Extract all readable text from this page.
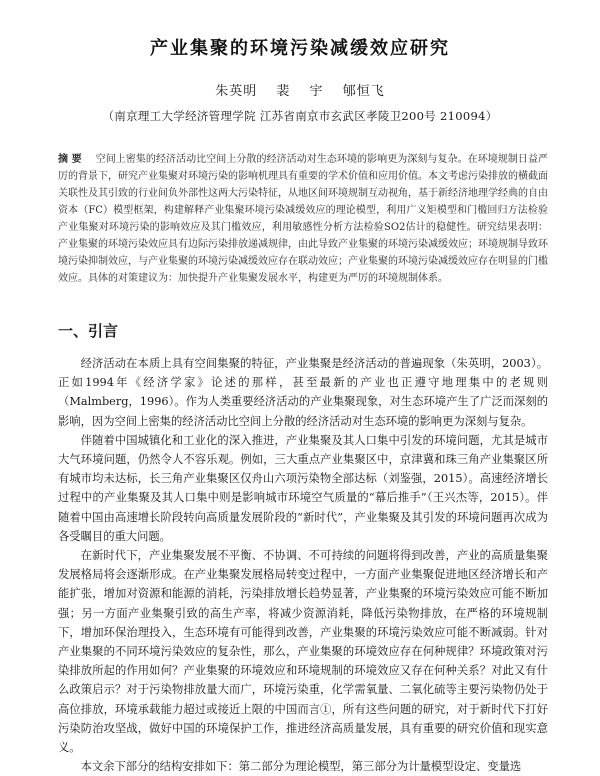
产业集聚的环境污染减缓效应研究
朱英明 裴 宇 郇恒飞
（南京理工大学经济管理学院 江苏省南京市玄武区孝陵卫200号 210094）
摘 要 空间上密集的经济活动比空间上分散的经济活动对生态环境的影响更为深刻与复杂。在环境规制日益严厉的背景下，研究产业集聚对环境污染的影响机理具有重要的学术价值和应用价值。本文考虑污染排放的横截面关联性及其引致的行业间负外部性这两大污染特征，从地区间环境规制互动视角，基于新经济地理学经典的自由资本（FC）模型框架，构建解释产业集聚环境污染减缓效应的理论模型，利用广义矩模型和门槛回归方法检验产业集聚对环境污染的影响效应及其门槛效应，利用敏感性分析方法检验SO2估计的稳健性。研究结果表明：产业集聚的环境污染效应具有边际污染排放递减规律，由此导致产业集聚的环境污染减缓效应；环境规制导致环境污染抑制效应，与产业集聚的环境污染减缓效应存在联动效应；产业集聚的环境污染减缓效应存在明显的门槛效应。具体的对策建议为：加快提升产业集聚发展水平，构建更为严厉的环境规制体系。
一、引言

经济活动在本质上具有空间集聚的特征，产业集聚是经济活动的普遍现象（朱英明，2003）。正如1994年《经济学家》论述的那样，甚至最新的产业也正遵守地理集中的老规则（Malmberg，1996）。作为人类重要经济活动的产业集聚现象，对生态环境产生了广泛而深刻的影响，因为空间上密集的经济活动比空间上分散的经济活动对生态环境的影响更为深刻与复杂。

伴随着中国城镇化和工业化的深入推进，产业集聚及其人口集中引发的环境问题，尤其是城市大气环境问题，仍然令人不容乐观。例如，三大重点产业集聚区中，京津冀和珠三角产业集聚区所有城市均未达标，长三角产业集聚区仅舟山六项污染物全部达标（刘鉴强，2015）。高速经济增长过程中的产业集聚及其人口集中则是影响城市环境空气质量的“幕后推手”（王兴杰等，2015）。伴随着中国由高速增长阶段转向高质量发展阶段的“新时代”，产业集聚及其引发的环境问题再次成为各受瞩目的重大问题。

在新时代下，产业集聚发展不平衡、不协调、不可持续的问题将得到改善，产业的高质量集聚发展格局将会逐渐形成。在产业集聚发展格局转变过程中，一方面产业集聚促进地区经济增长和产能扩张，增加对资源和能源的消耗，污染排放增长趋势显著，产业集聚的环境污染效应可能不断加强；另一方面产业集聚引致的高生产率，将减少资源消耗，降低污染物排放，在严格的环境规制下，增加环保治理投入，生态环境有可能得到改善，产业集聚的环境污染效应可能不断减弱。针对产业集聚的不同环境污染效应的复杂性，那么，产业集聚的环境效应存在何种规律？环境政策对污染排放所起的作用如何？产业集聚的环境效应和环境规制的环境效应又存在何种关系？对此又有什么政策启示？对于污染物排放量大而广，环境污染重，化学需氧量、二氧化硫等主要污染物仍处于高位排放，环境承载能力超过或接近上限的中国而言①，所有这些问题的研究，对于新时代下打好污染防治攻坚战，做好中国的环境保护工作，推进经济高质量发展，具有重要的研究价值和现实意义。

本文余下部分的结构安排如下：第二部分为理论模型，第三部分为计量模型设定、变量选
